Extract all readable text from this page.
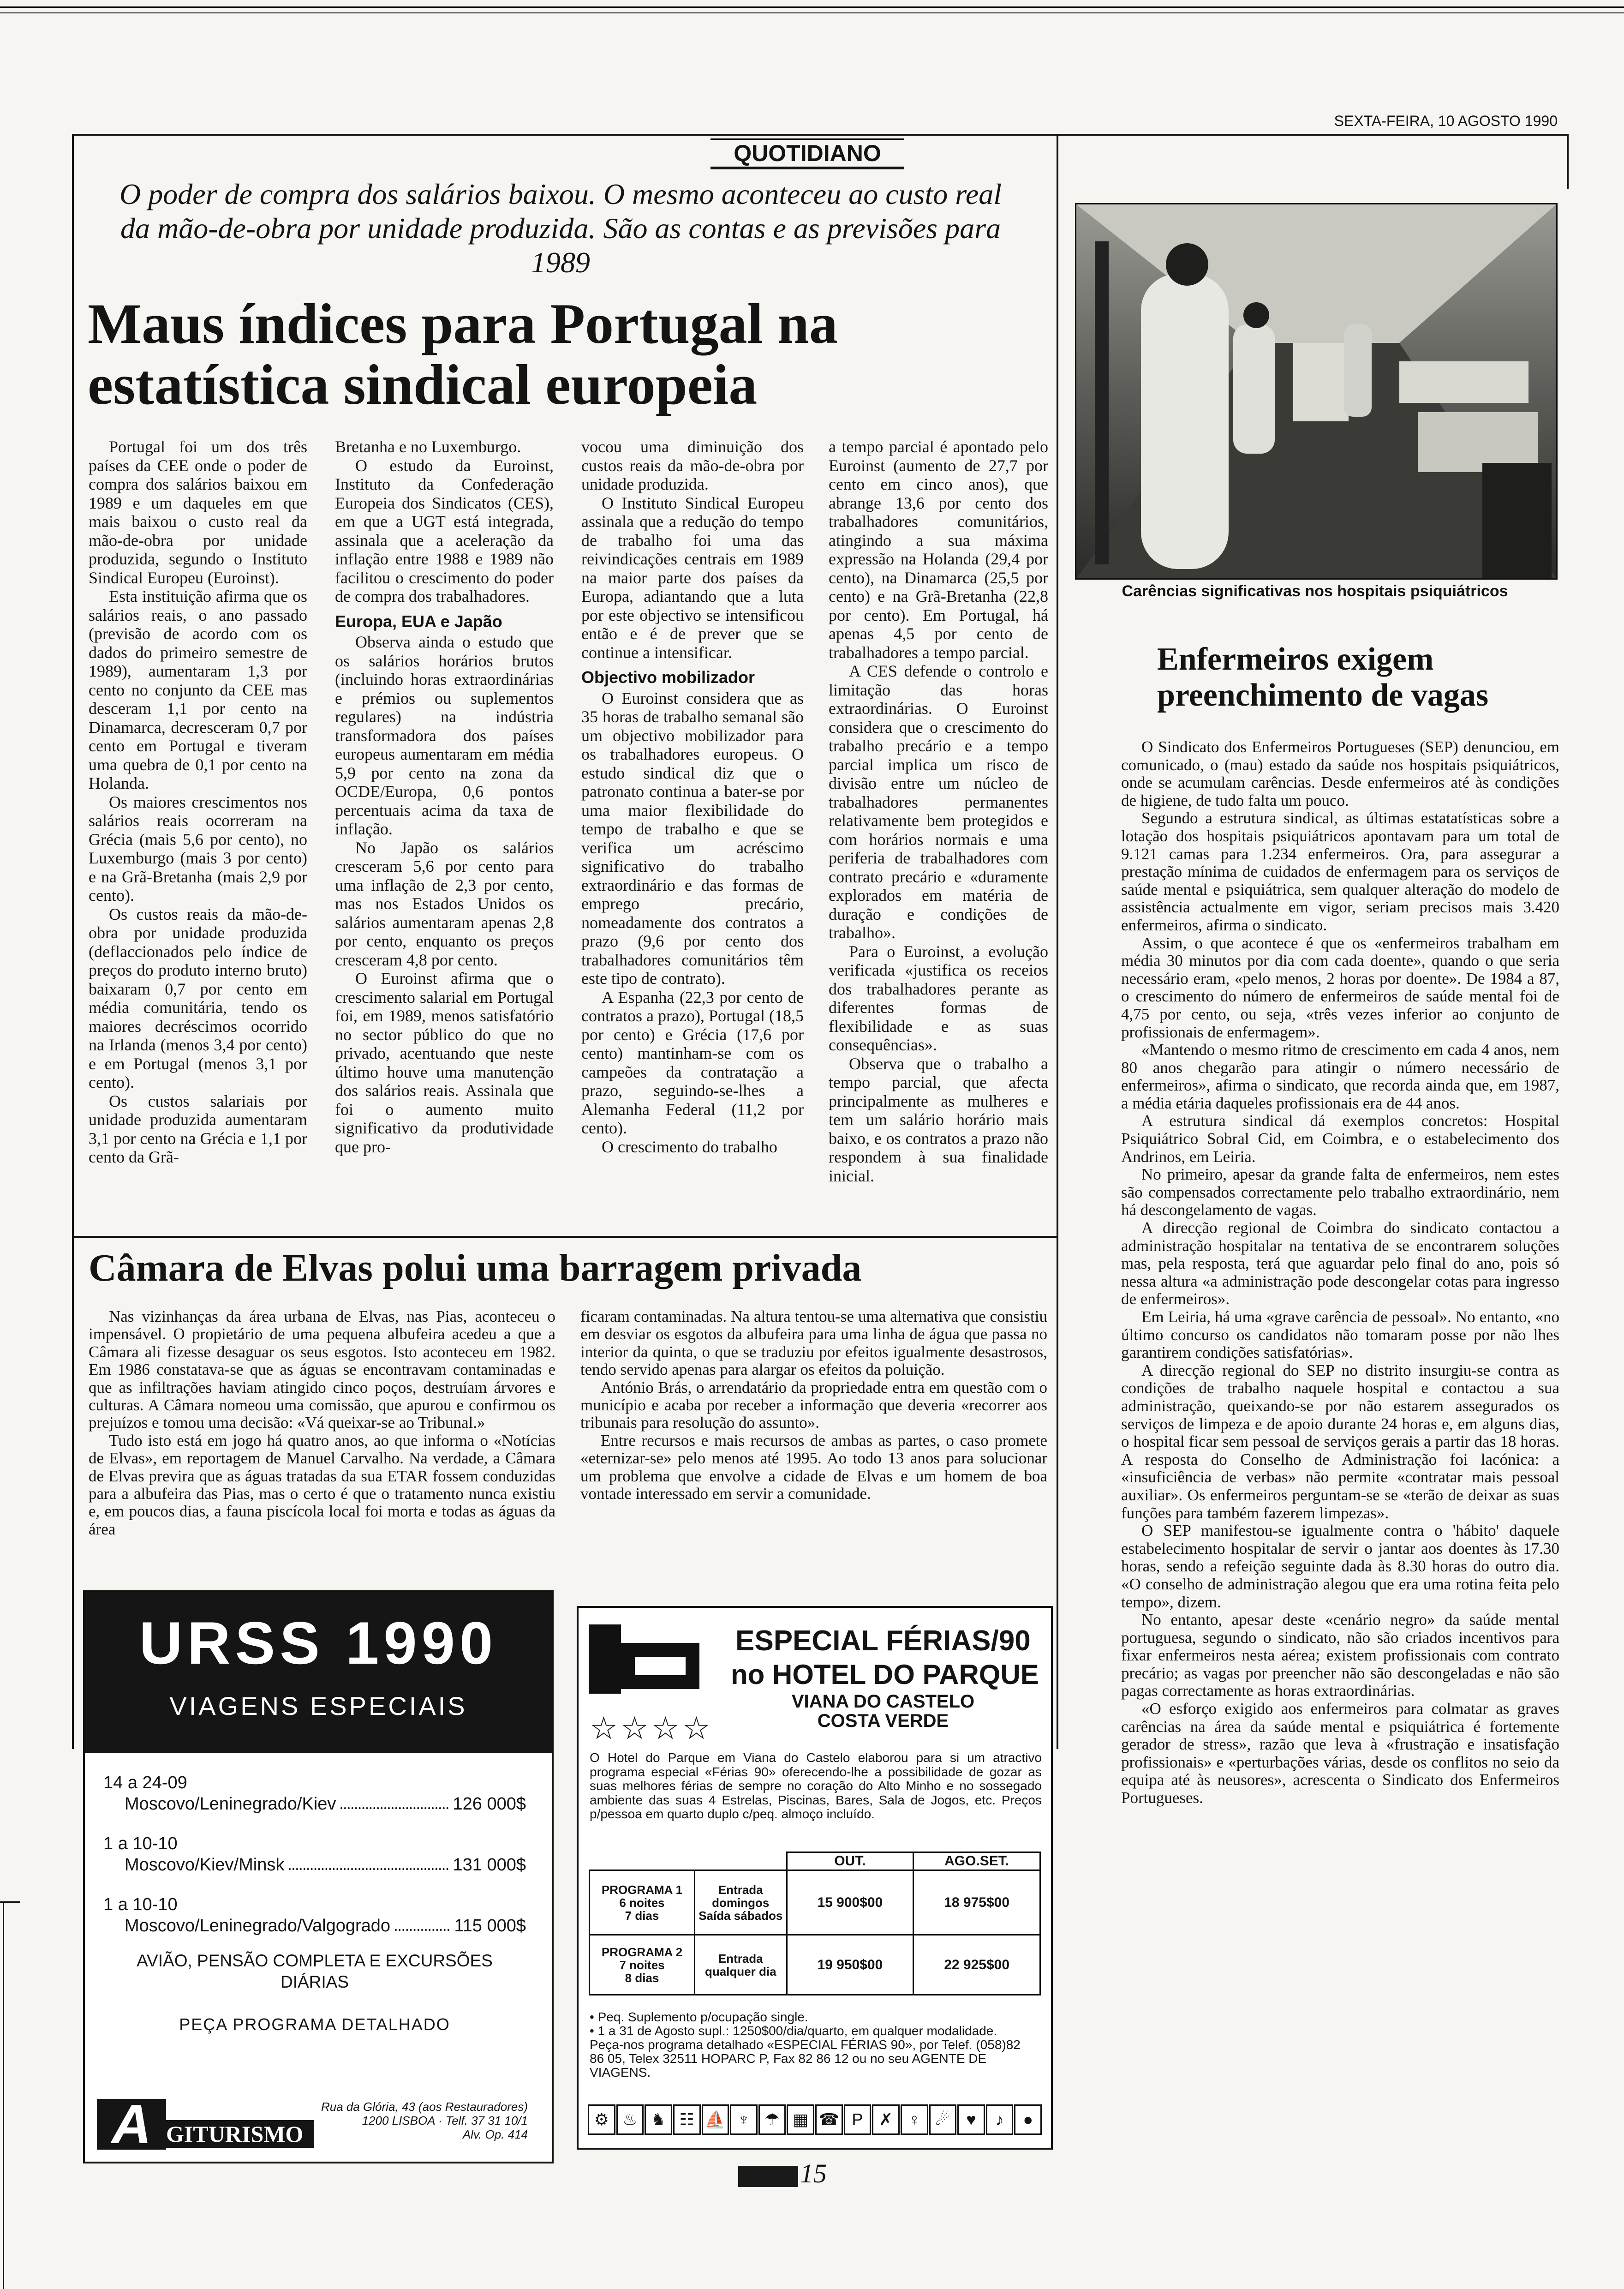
SEXTA-FEIRA, 10 AGOSTO 1990
QUOTIDIANO
O poder de compra dos salários baixou. O mesmo aconteceu ao custo real da mão-de-obra por unidade produzida. São as contas e as previsões para 1989
Maus índices para Portugal na estatística sindical europeia

Portugal foi um dos três países da CEE onde o poder de compra dos salários baixou em 1989 e um daqueles em que mais baixou o custo real da mão-de-obra por unidade produzida, segundo o Instituto Sindical Europeu (Euroinst).

Esta instituição afirma que os salários reais, o ano passado (previsão de acordo com os dados do primeiro semestre de 1989), aumentaram 1,3 por cento no conjunto da CEE mas desceram 1,1 por cento na Dinamarca, decresceram 0,7 por cento em Portugal e tiveram uma quebra de 0,1 por cento na Holanda.

Os maiores crescimentos nos salários reais ocorreram na Grécia (mais 5,6 por cento), no Luxemburgo (mais 3 por cento) e na Grã-Bretanha (mais 2,9 por cento).

Os custos reais da mão-de-obra por unidade produzida (deflaccionados pelo índice de preços do produto interno bruto) baixaram 0,7 por cento em média comunitária, tendo os maiores decréscimos ocorrido na Irlanda (menos 3,4 por cento) e em Portugal (menos 3,1 por cento).

Os custos salariais por unidade produzida aumentaram 3,1 por cento na Grécia e 1,1 por cento da Grã-

Bretanha e no Luxemburgo.

O estudo da Euroinst, Instituto da Confederação Europeia dos Sindicatos (CES), em que a UGT está integrada, assinala que a aceleração da inflação entre 1988 e 1989 não facilitou o crescimento do poder de compra dos trabalhadores.

Europa, EUA e Japão

Observa ainda o estudo que os salários horários brutos (incluindo horas extraordinárias e prémios ou suplementos regulares) na indústria transformadora dos países europeus aumentaram em média 5,9 por cento na zona da OCDE/Europa, 0,6 pontos percentuais acima da taxa de inflação.

No Japão os salários cresceram 5,6 por cento para uma inflação de 2,3 por cento, mas nos Estados Unidos os salários aumentaram apenas 2,8 por cento, enquanto os preços cresceram 4,8 por cento.

O Euroinst afirma que o crescimento salarial em Portugal foi, em 1989, menos satisfatório no sector público do que no privado, acentuando que neste último houve uma manutenção dos salários reais. Assinala que foi o aumento muito significativo da produtividade que pro-

vocou uma diminuição dos custos reais da mão-de-obra por unidade produzida.

O Instituto Sindical Europeu assinala que a redução do tempo de trabalho foi uma das reivindicações centrais em 1989 na maior parte dos países da Europa, adiantando que a luta por este objectivo se intensificou então e é de prever que se continue a intensificar.

Objectivo mobilizador

O Euroinst considera que as 35 horas de trabalho semanal são um objectivo mobilizador para os trabalhadores europeus. O estudo sindical diz que o patronato continua a bater-se por uma maior flexibilidade do tempo de trabalho e que se verifica um acréscimo significativo do trabalho extraordinário e das formas de emprego precário, nomeadamente dos contratos a prazo (9,6 por cento dos trabalhadores comunitários têm este tipo de contrato).

A Espanha (22,3 por cento de contratos a prazo), Portugal (18,5 por cento) e Grécia (17,6 por cento) mantinham-se com os campeões da contratação a prazo, seguindo-se-lhes a Alemanha Federal (11,2 por cento).

O crescimento do trabalho

a tempo parcial é apontado pelo Euroinst (aumento de 27,7 por cento em cinco anos), que abrange 13,6 por cento dos trabalhadores comunitários, atingindo a sua máxima expressão na Holanda (29,4 por cento), na Dinamarca (25,5 por cento) e na Grã-Bretanha (22,8 por cento). Em Portugal, há apenas 4,5 por cento de trabalhadores a tempo parcial.

A CES defende o controlo e limitação das horas extraordinárias. O Euroinst considera que o crescimento do trabalho precário e a tempo parcial implica um risco de divisão entre um núcleo de trabalhadores permanentes relativamente bem protegidos e com horários normais e uma periferia de trabalhadores com contrato precário e «duramente explorados em matéria de duração e condições de trabalho».

Para o Euroinst, a evolução verificada «justifica os receios dos trabalhadores perante as diferentes formas de flexibilidade e as suas consequências».

Observa que o trabalho a tempo parcial, que afecta principalmente as mulheres e tem um salário horário mais baixo, e os contratos a prazo não respondem à sua finalidade inicial.

Carências significativas nos hospitais psiquiátricos
Enfermeiros exigem preenchimento de vagas

O Sindicato dos Enfermeiros Portugueses (SEP) denunciou, em comunicado, o (mau) estado da saúde nos hospitais psiquiátricos, onde se acumulam carências. Desde enfermeiros até às condições de higiene, de tudo falta um pouco.

Segundo a estrutura sindical, as últimas estatatísticas sobre a lotação dos hospitais psiquiátricos apontavam para um total de 9.121 camas para 1.234 enfermeiros. Ora, para assegurar a prestação mínima de cuidados de enfermagem para os serviços de saúde mental e psiquiátrica, sem qualquer alteração do modelo de assistência actualmente em vigor, seriam precisos mais 3.420 enfermeiros, afirma o sindicato.

Assim, o que acontece é que os «enfermeiros trabalham em média 30 minutos por dia com cada doente», quando o que seria necessário eram, «pelo menos, 2 horas por doente». De 1984 a 87, o crescimento do número de enfermeiros de saúde mental foi de 4,75 por cento, ou seja, «três vezes inferior ao conjunto de profissionais de enfermagem».

«Mantendo o mesmo ritmo de crescimento em cada 4 anos, nem 80 anos chegarão para atingir o número necessário de enfermeiros», afirma o sindicato, que recorda ainda que, em 1987, a média etária daqueles profissionais era de 44 anos.

A estrutura sindical dá exemplos concretos: Hospital Psiquiátrico Sobral Cid, em Coimbra, e o estabelecimento dos Andrinos, em Leiria.

No primeiro, apesar da grande falta de enfermeiros, nem estes são compensados correctamente pelo trabalho extraordinário, nem há descongelamento de vagas.

A direcção regional de Coimbra do sindicato contactou a administração hospitalar na tentativa de se encontrarem soluções mas, pela resposta, terá que aguardar pelo final do ano, pois só nessa altura «a administração pode descongelar cotas para ingresso de enfermeiros».

Em Leiria, há uma «grave carência de pessoal». No entanto, «no último concurso os candidatos não tomaram posse por não lhes garantirem condições satisfatórias».

A direcção regional do SEP no distrito insurgiu-se contra as condições de trabalho naquele hospital e contactou a sua administração, queixando-se por não estarem assegurados os serviços de limpeza e de apoio durante 24 horas e, em alguns dias, o hospital ficar sem pessoal de serviços gerais a partir das 18 horas. A resposta do Conselho de Administração foi lacónica: a «insuficiência de verbas» não permite «contratar mais pessoal auxiliar». Os enfermeiros perguntam-se se «terão de deixar as suas funções para também fazerem limpezas».

O SEP manifestou-se igualmente contra o 'hábito' daquele estabelecimento hospitalar de servir o jantar aos doentes às 17.30 horas, sendo a refeição seguinte dada às 8.30 horas do outro dia. «O conselho de administração alegou que era uma rotina feita pelo tempo», dizem.

No entanto, apesar deste «cenário negro» da saúde mental portuguesa, segundo o sindicato, não são criados incentivos para fixar enfermeiros nesta aérea; existem profissionais com contrato precário; as vagas por preencher não são descongeladas e não são pagas correctamente as horas extraordinárias.

«O esforço exigido aos enfermeiros para colmatar as graves carências na área da saúde mental e psiquiátrica é fortemente gerador de stress», razão que leva à «frustração e insatisfação profissionais» e «perturbações várias, desde os conflitos no seio da equipa até às neusores», acrescenta o Sindicato dos Enfermeiros Portugueses.

Câmara de Elvas polui uma barragem privada

Nas vizinhanças da área urbana de Elvas, nas Pias, aconteceu o impensável. O propietário de uma pequena albufeira acedeu a que a Câmara ali fizesse desaguar os seus esgotos. Isto aconteceu em 1982. Em 1986 constatava-se que as águas se encontravam contaminadas e que as infiltrações haviam atingido cinco poços, destruíam árvores e culturas. A Câmara nomeou uma comissão, que apurou e confirmou os prejuízos e tomou uma decisão: «Vá queixar-se ao Tribunal.»

Tudo isto está em jogo há quatro anos, ao que informa o «Notícias de Elvas», em reportagem de Manuel Carvalho. Na verdade, a Câmara de Elvas previra que as águas tratadas da sua ETAR fossem conduzidas para a albufeira das Pias, mas o certo é que o tratamento nunca existiu e, em poucos dias, a fauna piscícola local foi morta e todas as águas da área

ficaram contaminadas. Na altura tentou-se uma alternativa que consistiu em desviar os esgotos da albufeira para uma linha de água que passa no interior da quinta, o que se traduziu por efeitos igualmente desastrosos, tendo servido apenas para alargar os efeitos da poluição.

António Brás, o arrendatário da propriedade entra em questão com o município e acaba por receber a informação que deveria «recorrer aos tribunais para resolução do assunto».

Entre recursos e mais recursos de ambas as partes, o caso promete «eternizar-se» pelo menos até 1995. Ao todo 13 anos para solucionar um problema que envolve a cidade de Elvas e um homem de boa vontade interessado em servir a comunidade.

URSS 1990
VIAGENS ESPECIAIS
14 a 24-09
Moscovo/Leninegrado/Kiev	126 000$
1 a 10-10
Moscovo/Kiev/Minsk	131 000$
1 a 10-10
Moscovo/Leninegrado/Valgogrado	115 000$
AVIÃO, PENSÃO COMPLETA E EXCURSÕES DIÁRIAS
PEÇA PROGRAMA DETALHADO
A GITURISMO
Rua da Glória, 43 (aos Restauradores)
1200 LISBOA · Telf. 37 31 10/1
Alv. Op. 414
ESPECIAL FÉRIAS/90
no HOTEL DO PARQUE
VIANA DO CASTELO
COSTA VERDE
☆☆☆☆
O Hotel do Parque em Viana do Castelo elaborou para si um atractivo programa especial «Férias 90» oferecendo-lhe a possibilidade de gozar as suas melhores férias de sempre no coração do Alto Minho e no sossegado ambiente das suas 4 Estrelas, Piscinas, Bares, Sala de Jogos, etc. Preços p/pessoa em quarto duplo c/peq. almoço incluído.
		OUT.	AGO.SET.

PROGRAMA 1
6 noites
7 dias	Entrada domingos Saída sábados	15 900$00	18 975$00

PROGRAMA 2
7 noites
8 dias	Entrada qualquer dia	19 950$00	22 925$00
• Peq. Suplemento p/ocupação single.
• 1 a 31 de Agosto supl.: 1250$00/dia/quarto, em qualquer modalidade.
Peça-nos programa detalhado «ESPECIAL FÉRIAS 90», por Telef. (058)82 86 05, Telex 32511 HOPARC P, Fax 82 86 12 ou no seu AGENTE DE VIAGENS.
⚙ ♨ ♞ ☷ ⛵ ♆ ☂ ▦ ☎ P ✗ ♀ ☄ ♥	♪	●
15
